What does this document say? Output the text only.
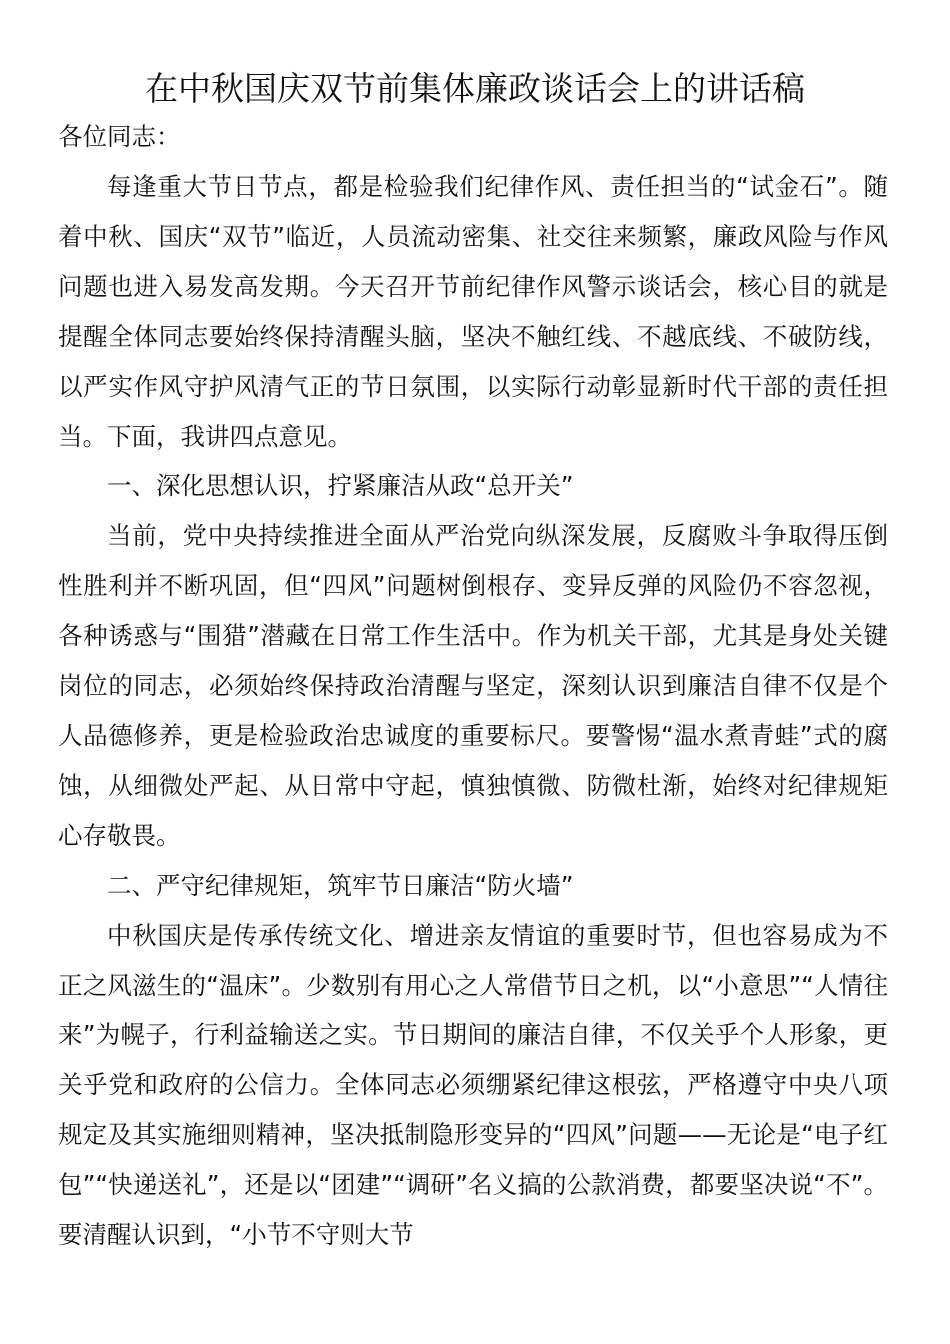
在中秋国庆双节前集体廉政谈话会上的讲话稿
各位同志：

每逢重大节日节点，都是检验我们纪律作风、责任担当的“试金石”。随着中秋、国庆“双节”临近，人员流动密集、社交往来频繁，廉政风险与作风问题也进入易发高发期。今天召开节前纪律作风警示谈话会，核心目的就是提醒全体同志要始终保持清醒头脑，坚决不触红线、不越底线、不破防线，以严实作风守护风清气正的节日氛围，以实际行动彰显新时代干部的责任担当。下面，我讲四点意见。

一、深化思想认识，拧紧廉洁从政“总开关”

当前，党中央持续推进全面从严治党向纵深发展，反腐败斗争取得压倒性胜利并不断巩固，但“四风”问题树倒根存、变异反弹的风险仍不容忽视，各种诱惑与“围猎”潜藏在日常工作生活中。作为机关干部，尤其是身处关键岗位的同志，必须始终保持政治清醒与坚定，深刻认识到廉洁自律不仅是个人品德修养，更是检验政治忠诚度的重要标尺。要警惕“温水煮青蛙”式的腐蚀，从细微处严起、从日常中守起，慎独慎微、防微杜渐，始终对纪律规矩心存敬畏。

二、严守纪律规矩，筑牢节日廉洁“防火墙”

中秋国庆是传承传统文化、增进亲友情谊的重要时节，但也容易成为不正之风滋生的“温床”。少数别有用心之人常借节日之机，以“小意思”“人情往来”为幌子，行利益输送之实。节日期间的廉洁自律，不仅关乎个人形象，更关乎党和政府的公信力。全体同志必须绷紧纪律这根弦，严格遵守中央八项规定及其实施细则精神，坚决抵制隐形变异的“四风”问题——无论是“电子红包”“快递送礼”，还是以“团建”“调研”名义搞的公款消费，都要坚决说“不”。要清醒认识到，“小节不守则大节
